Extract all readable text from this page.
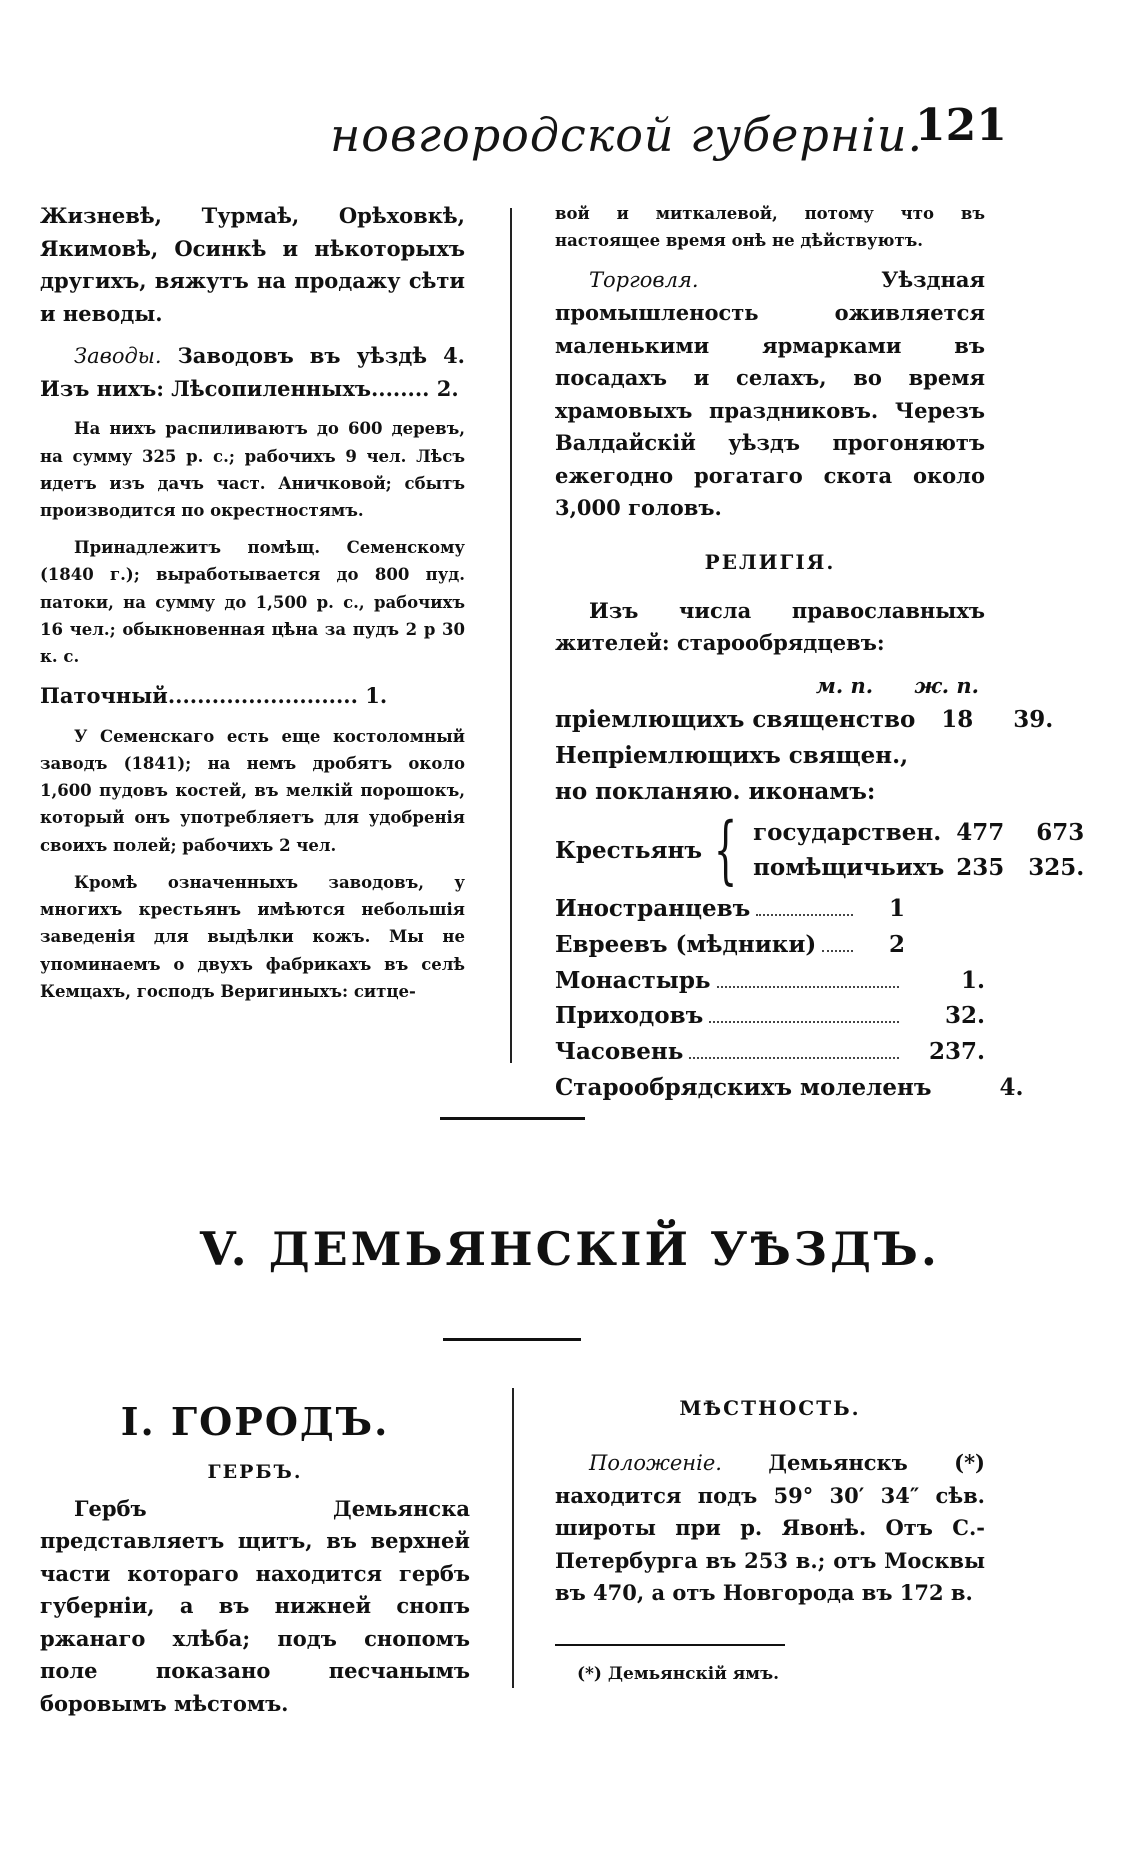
новгородской губерніи.
121

Жизневѣ, Турмаѣ, Орѣховкѣ, Якимовѣ, Осинкѣ и нѣкоторыхъ другихъ, вяжутъ на продажу сѣти и неводы.

Заводы. Заводовъ въ уѣздѣ 4. Изъ нихъ: Лѣсопиленныхъ........ 2.

На нихъ распиливаютъ до 600 деревъ, на сумму 325 р. с.; рабочихъ 9 чел. Лѣсъ идетъ изъ дачъ част. Аничковой; сбытъ производится по окрестностямъ.

Принадлежитъ помѣщ. Семенскому (1840 г.); выработывается до 800 пуд. патоки, на сумму до 1,500 р. с., рабочихъ 16 чел.; обыкновенная цѣна за пудъ 2 р 30 к. с.

Паточный.......................... 1.

У Семенскаго есть еще костоломный заводъ (1841); на немъ дробятъ около 1,600 пудовъ костей, въ мелкій порошокъ, который онъ употребляетъ для удобренія своихъ полей; рабочихъ 2 чел.

Кромѣ означенныхъ заводовъ, у многихъ крестьянъ имѣются небольшія заведенія для выдѣлки кожъ. Мы не упоминаемъ о двухъ фабрикахъ въ селѣ Кемцахъ, господъ Веригиныхъ: ситце-

вой и миткалевой, потому что въ настоящее время онѣ не дѣйствуютъ.

Торговля. Уѣздная промышленость оживляется маленькими ярмарками въ посадахъ и селахъ, во время храмовыхъ праздниковъ. Черезъ Валдайскій уѣздъ прогоняютъ ежегодно рогатаго скота около 3,000 головъ.

РЕЛИГІЯ.

Изъ числа православныхъ жителей: старообрядцевъ:

м. п. ж. п.
пріемлющихъ священство	18	39.
Непріемлющихъ священ.,
но покланяю. иконамъ:
Крестьянъ { государствен. 477	673
помѣщичьихъ 235	325.
Иностранцевъ	1
Евреевъ (мѣдники)	2
Монастырь	1.
Приходовъ	32.
Часовень	237.
Старообрядскихъ молеленъ	4.
V. ДЕМЬЯНСКІЙ УѢЗДЪ.
I. ГОРОДЪ.
ГЕРБЪ.

Гербъ Демьянска представляетъ щитъ, въ верхней части котораго находится гербъ губерніи, а въ нижней снопъ ржанаго хлѣба; подъ снопомъ поле показано песчанымъ боровымъ мѣстомъ.

МѢСТНОСТЬ.

Положеніе. Демьянскъ (*) находится подъ 59° 30′ 34″ сѣв. широты при р. Явонѣ. Отъ С.-Петербурга въ 253 в.; отъ Москвы въ 470, а отъ Новгорода въ 172 в.

(*) Демьянскій ямъ.
